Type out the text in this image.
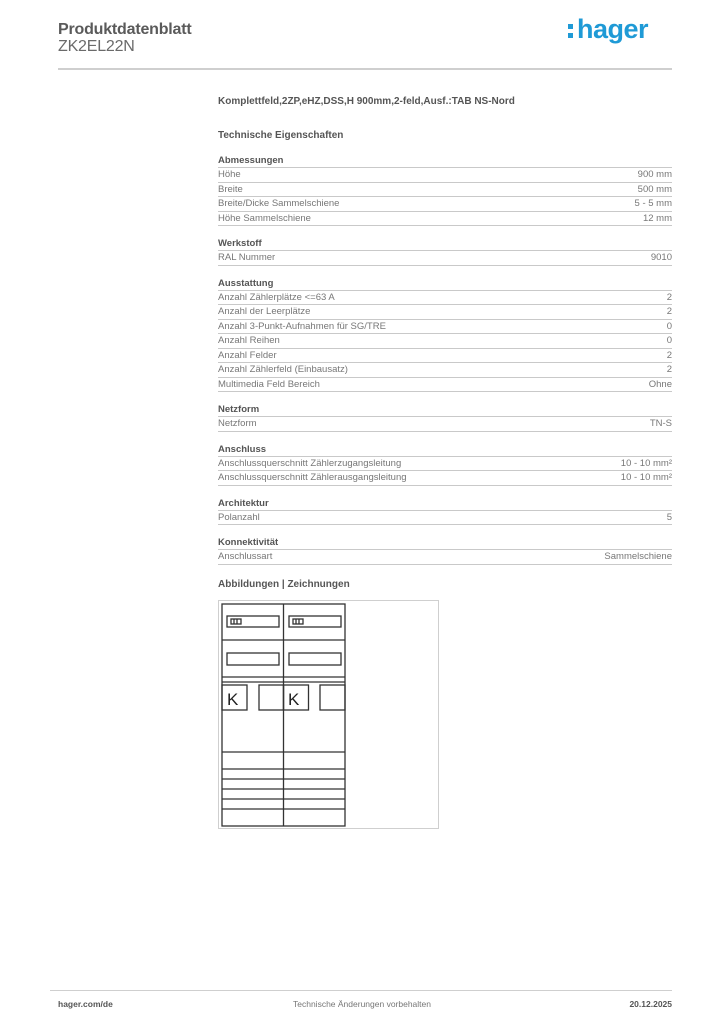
Produktdatenblatt
ZK2EL22N
hager
Komplettfeld,2ZP,eHZ,DSS,H 900mm,2-feld,Ausf.:TAB NS-Nord
Technische Eigenschaften
Abmessungen
Höhe	900 mm
Breite	500 mm
Breite/Dicke Sammelschiene	5 - 5 mm
Höhe Sammelschiene	12 mm
Werkstoff
RAL Nummer	9010
Ausstattung
Anzahl Zählerplätze <=63 A	2
Anzahl der Leerplätze	2
Anzahl 3-Punkt-Aufnahmen für SG/TRE	0
Anzahl Reihen	0
Anzahl Felder	2
Anzahl Zählerfeld (Einbausatz)	2
Multimedia Feld Bereich	Ohne
Netzform
Netzform	TN-S
Anschluss
Anschlussquerschnitt Zählerzugangsleitung	10 - 10 mm²
Anschlussquerschnitt Zählerausgangsleitung	10 - 10 mm²
Architektur
Polanzahl	5
Konnektivität
Anschlussart	Sammelschiene
Abbildungen | Zeichnungen
K	K
hager.com/de	Technische Änderungen vorbehalten	20.12.2025
